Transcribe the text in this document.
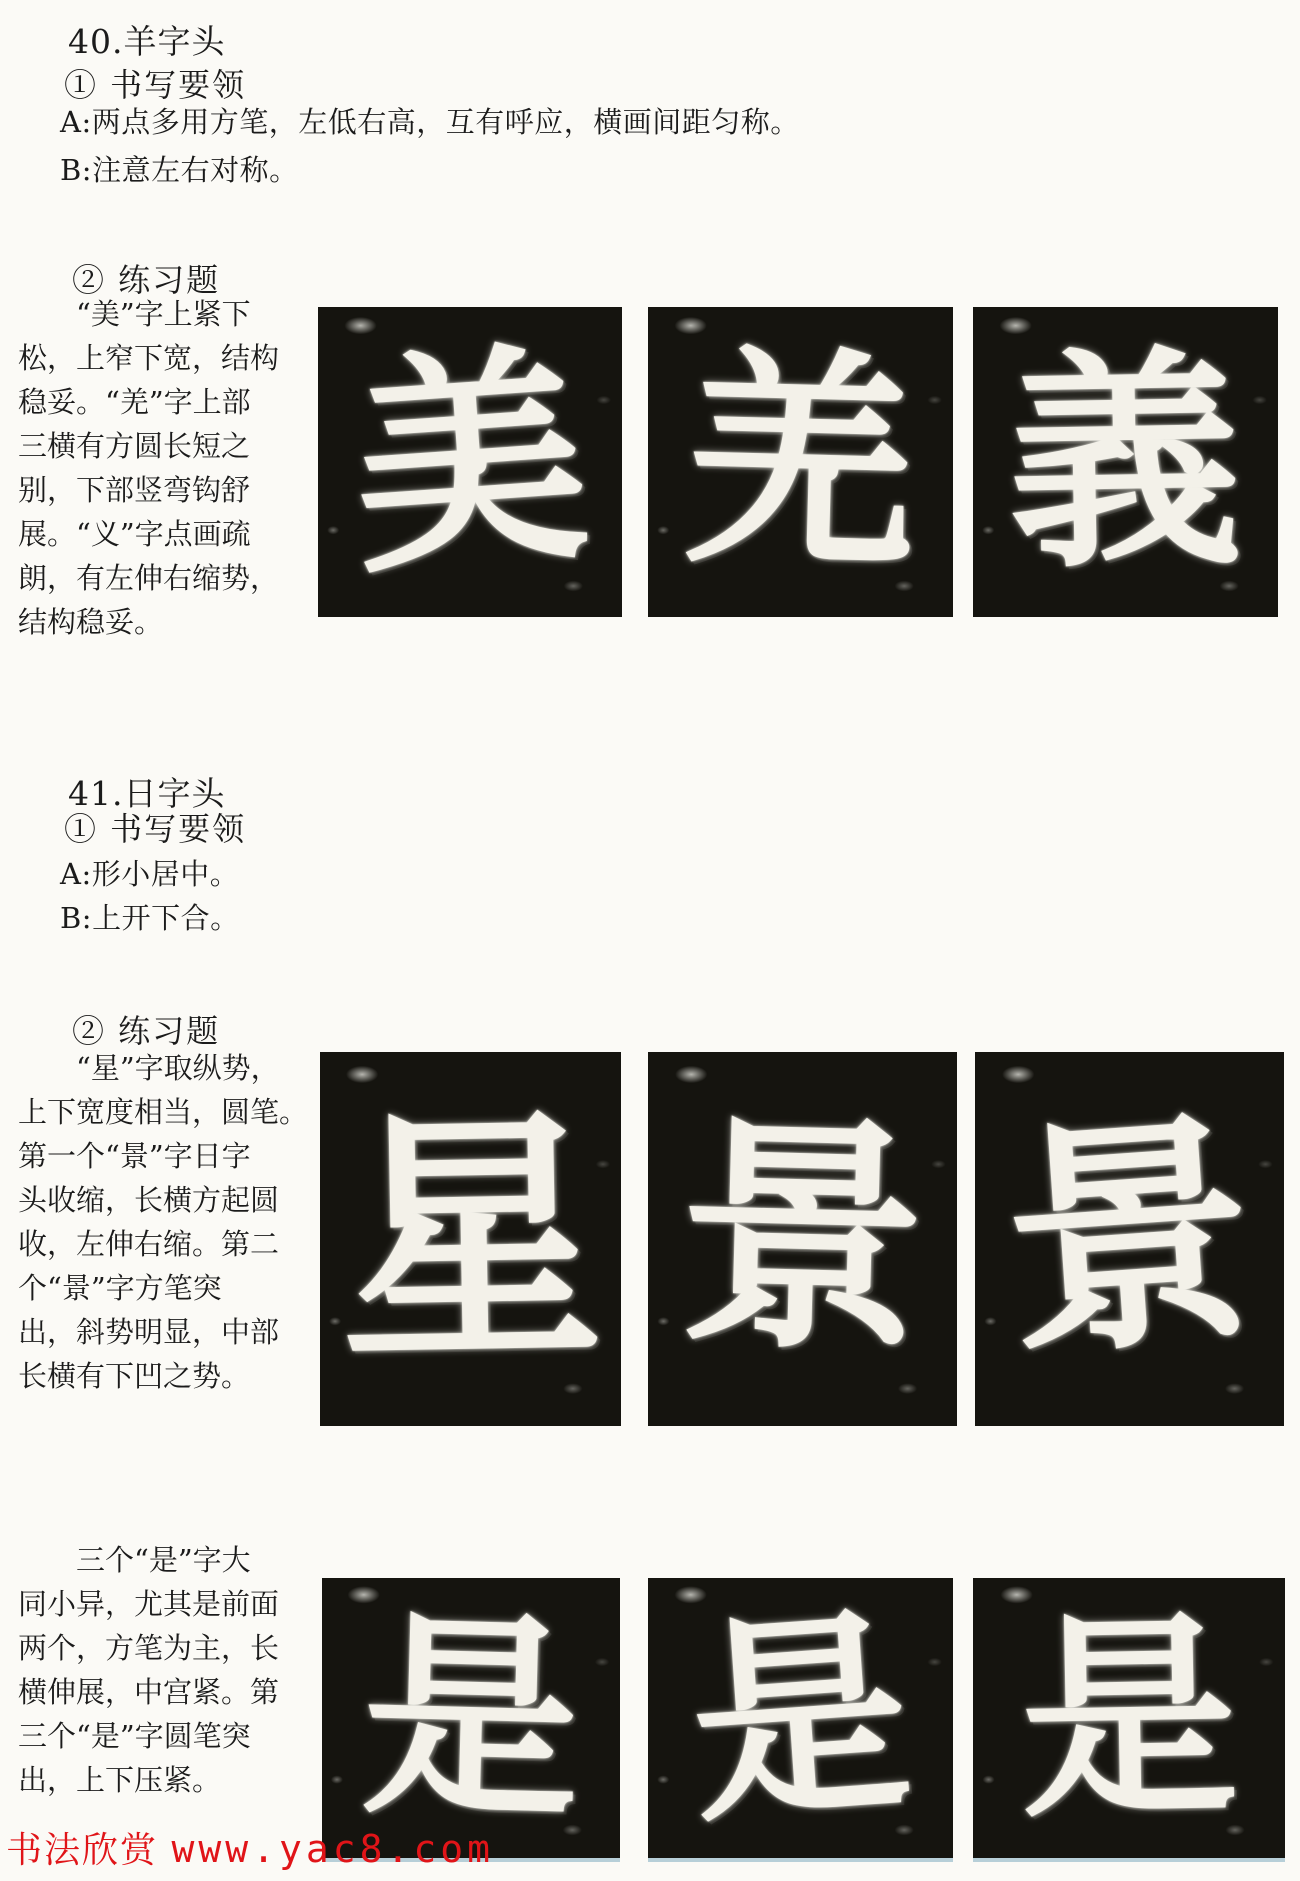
40.羊字头
① 书写要领
A:两点多用方笔，左低右高，互有呼应，横画间距匀称。
B:注意左右对称。
② 练习题
“美”字上紧下
松，上窄下宽，结构
稳妥。“羌”字上部
三横有方圆长短之
别，下部竖弯钩舒
展。“义”字点画疏
朗，有左伸右缩势，
结构稳妥。
美 羌 義
41.日字头
① 书写要领
A:形小居中。
B:上开下合。
② 练习题
“星”字取纵势，
上下宽度相当，圆笔。
第一个“景”字日字
头收缩，长横方起圆
收，左伸右缩。第二
个“景”字方笔突
出，斜势明显，中部
长横有下凹之势。 星 景 景
三个“是”字大
同小异，尤其是前面
两个，方笔为主，长
横伸展，中宫紧。第
三个“是”字圆笔突
出，上下压紧。 是 是 是
书法欣赏 www.yac8.com
